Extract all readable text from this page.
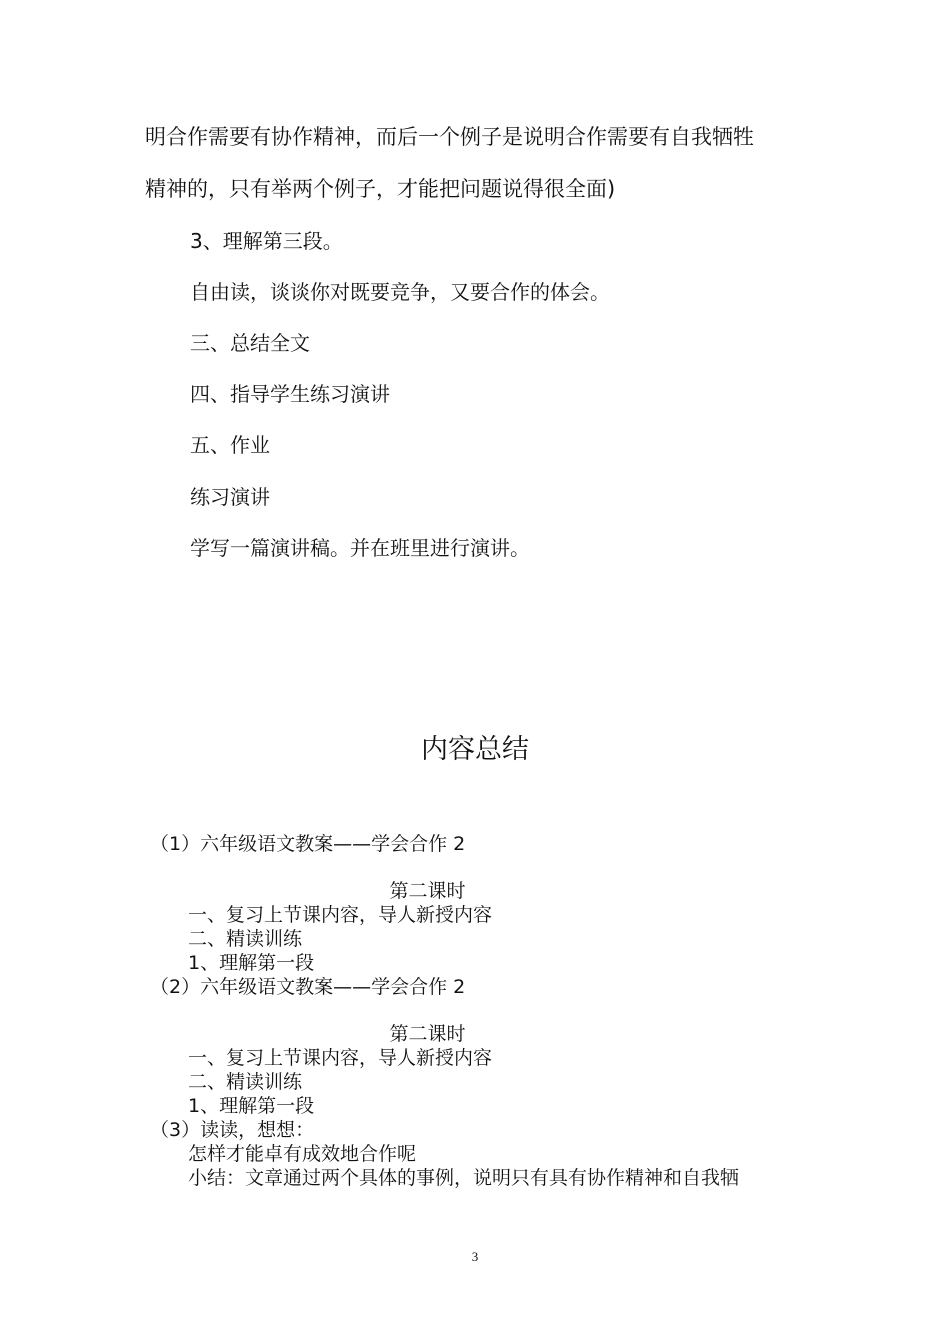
明合作需要有协作精神，而后一个例子是说明合作需要有自我牺牲
精神的，只有举两个例子，才能把问题说得很全面)
3、理解第三段。
自由读，谈谈你对既要竞争，又要合作的体会。
三、总结全文
四、指导学生练习演讲
五、作业
练习演讲
学写一篇演讲稿。并在班里进行演讲。
内容总结
（1）六年级语文教案——学会合作 2
第二课时
一、复习上节课内容，导人新授内容
二、精读训练
1、理解第一段
（2）六年级语文教案——学会合作 2
第二课时
一、复习上节课内容，导人新授内容
二、精读训练
1、理解第一段
（3）读读，想想：
怎样才能卓有成效地合作呢
小结：文章通过两个具体的事例，说明只有具有协作精神和自我牺
3
